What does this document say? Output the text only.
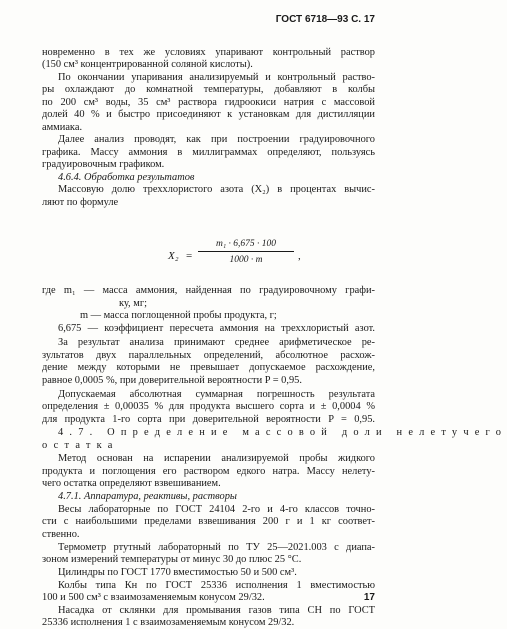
ГОСТ 6718—93 С. 17
новременно в тех же условиях упаривают контрольный раствор
(150 см³ концентрированной соляной кислоты).
По окончании упаривания анализируемый и контрольный раство-
ры охлаждают до комнатной температуры, добавляют в колбы
по 200 см³ воды, 35 см³ раствора гидроокиси натрия с массовой
долей 40 % и быстро присоединяют к установкам для дистилляции
аммиака.
Далее анализ проводят, как при построении градуировочного
графика. Массу аммония в миллиграммах определяют, пользуясь
градуировочным графиком.
4.6.4. Обработка результатов
Массовую долю треххлористого азота (X₂) в процентах вычис-
ляют по формуле
X₂ =
m₁ · 6,675 · 100
1000 · m	,
где m₁ — масса аммония, найденная по градуировочному графи-
ку, мг;
m — масса поглощенной пробы продукта, г;
6,675 — коэффициент пересчета аммония на треххлористый азот.
За результат анализа принимают среднее арифметическое ре-
зультатов двух параллельных определений, абсолютное расхож-
дение между которыми не превышает допускаемое расхождение,
равное 0,0005 %, при доверительной вероятности P = 0,95.
Допускаемая абсолютная суммарная погрешность результата
определения ± 0,00035 % для продукта высшего сорта и ± 0,0004 %
для продукта 1-го сорта при доверительной вероятности P = 0,95.
4.7. Определение массовой доли нелетучего
остатка
Метод основан на испарении анализируемой пробы жидкого
продукта и поглощения его раствором едкого натра. Массу нелету-
чего остатка определяют взвешиванием.
4.7.1. Аппаратура, реактивы, растворы
Весы лабораторные по ГОСТ 24104 2-го и 4-го классов точно-
сти с наибольшими пределами взвешивания 200 г и 1 кг соответ-
ственно.
Термометр ртутный лабораторный по ТУ 25—2021.003 с диапа-
зоном измерений температуры от минус 30 до плюс 25 °С.
Цилиндры по ГОСТ 1770 вместимостью 50 и 500 см³.
Колбы типа Кн по ГОСТ 25336 исполнения 1 вместимостью
100 и 500 см³ с взаимозаменяемым конусом 29/32.
Насадка от склянки для промывания газов типа СН по ГОСТ
25336 исполнения 1 с взаимозаменяемым конусом 29/32.
17
